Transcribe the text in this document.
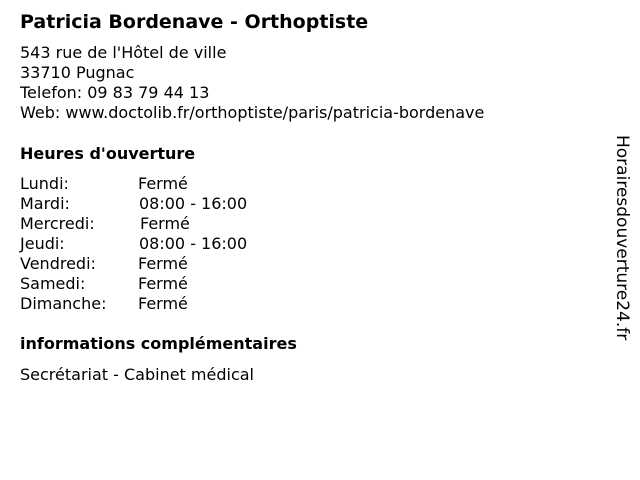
Patricia Bordenave - Orthoptiste
543 rue de l'Hôtel de ville
33710 Pugnac
Telefon: 09 83 79 44 13
Web: www.doctolib.fr/orthoptiste/paris/patricia-bordenave
Heures d'ouverture
Lundi:	Fermé
Mardi:	08:00 - 16:00
Mercredi:	Fermé
Jeudi:	08:00 - 16:00
Vendredi:	Fermé
Samedi:	Fermé
Dimanche: Fermé
informations complémentaires
Secrétariat - Cabinet médical
Horairesdouverture24.fr
